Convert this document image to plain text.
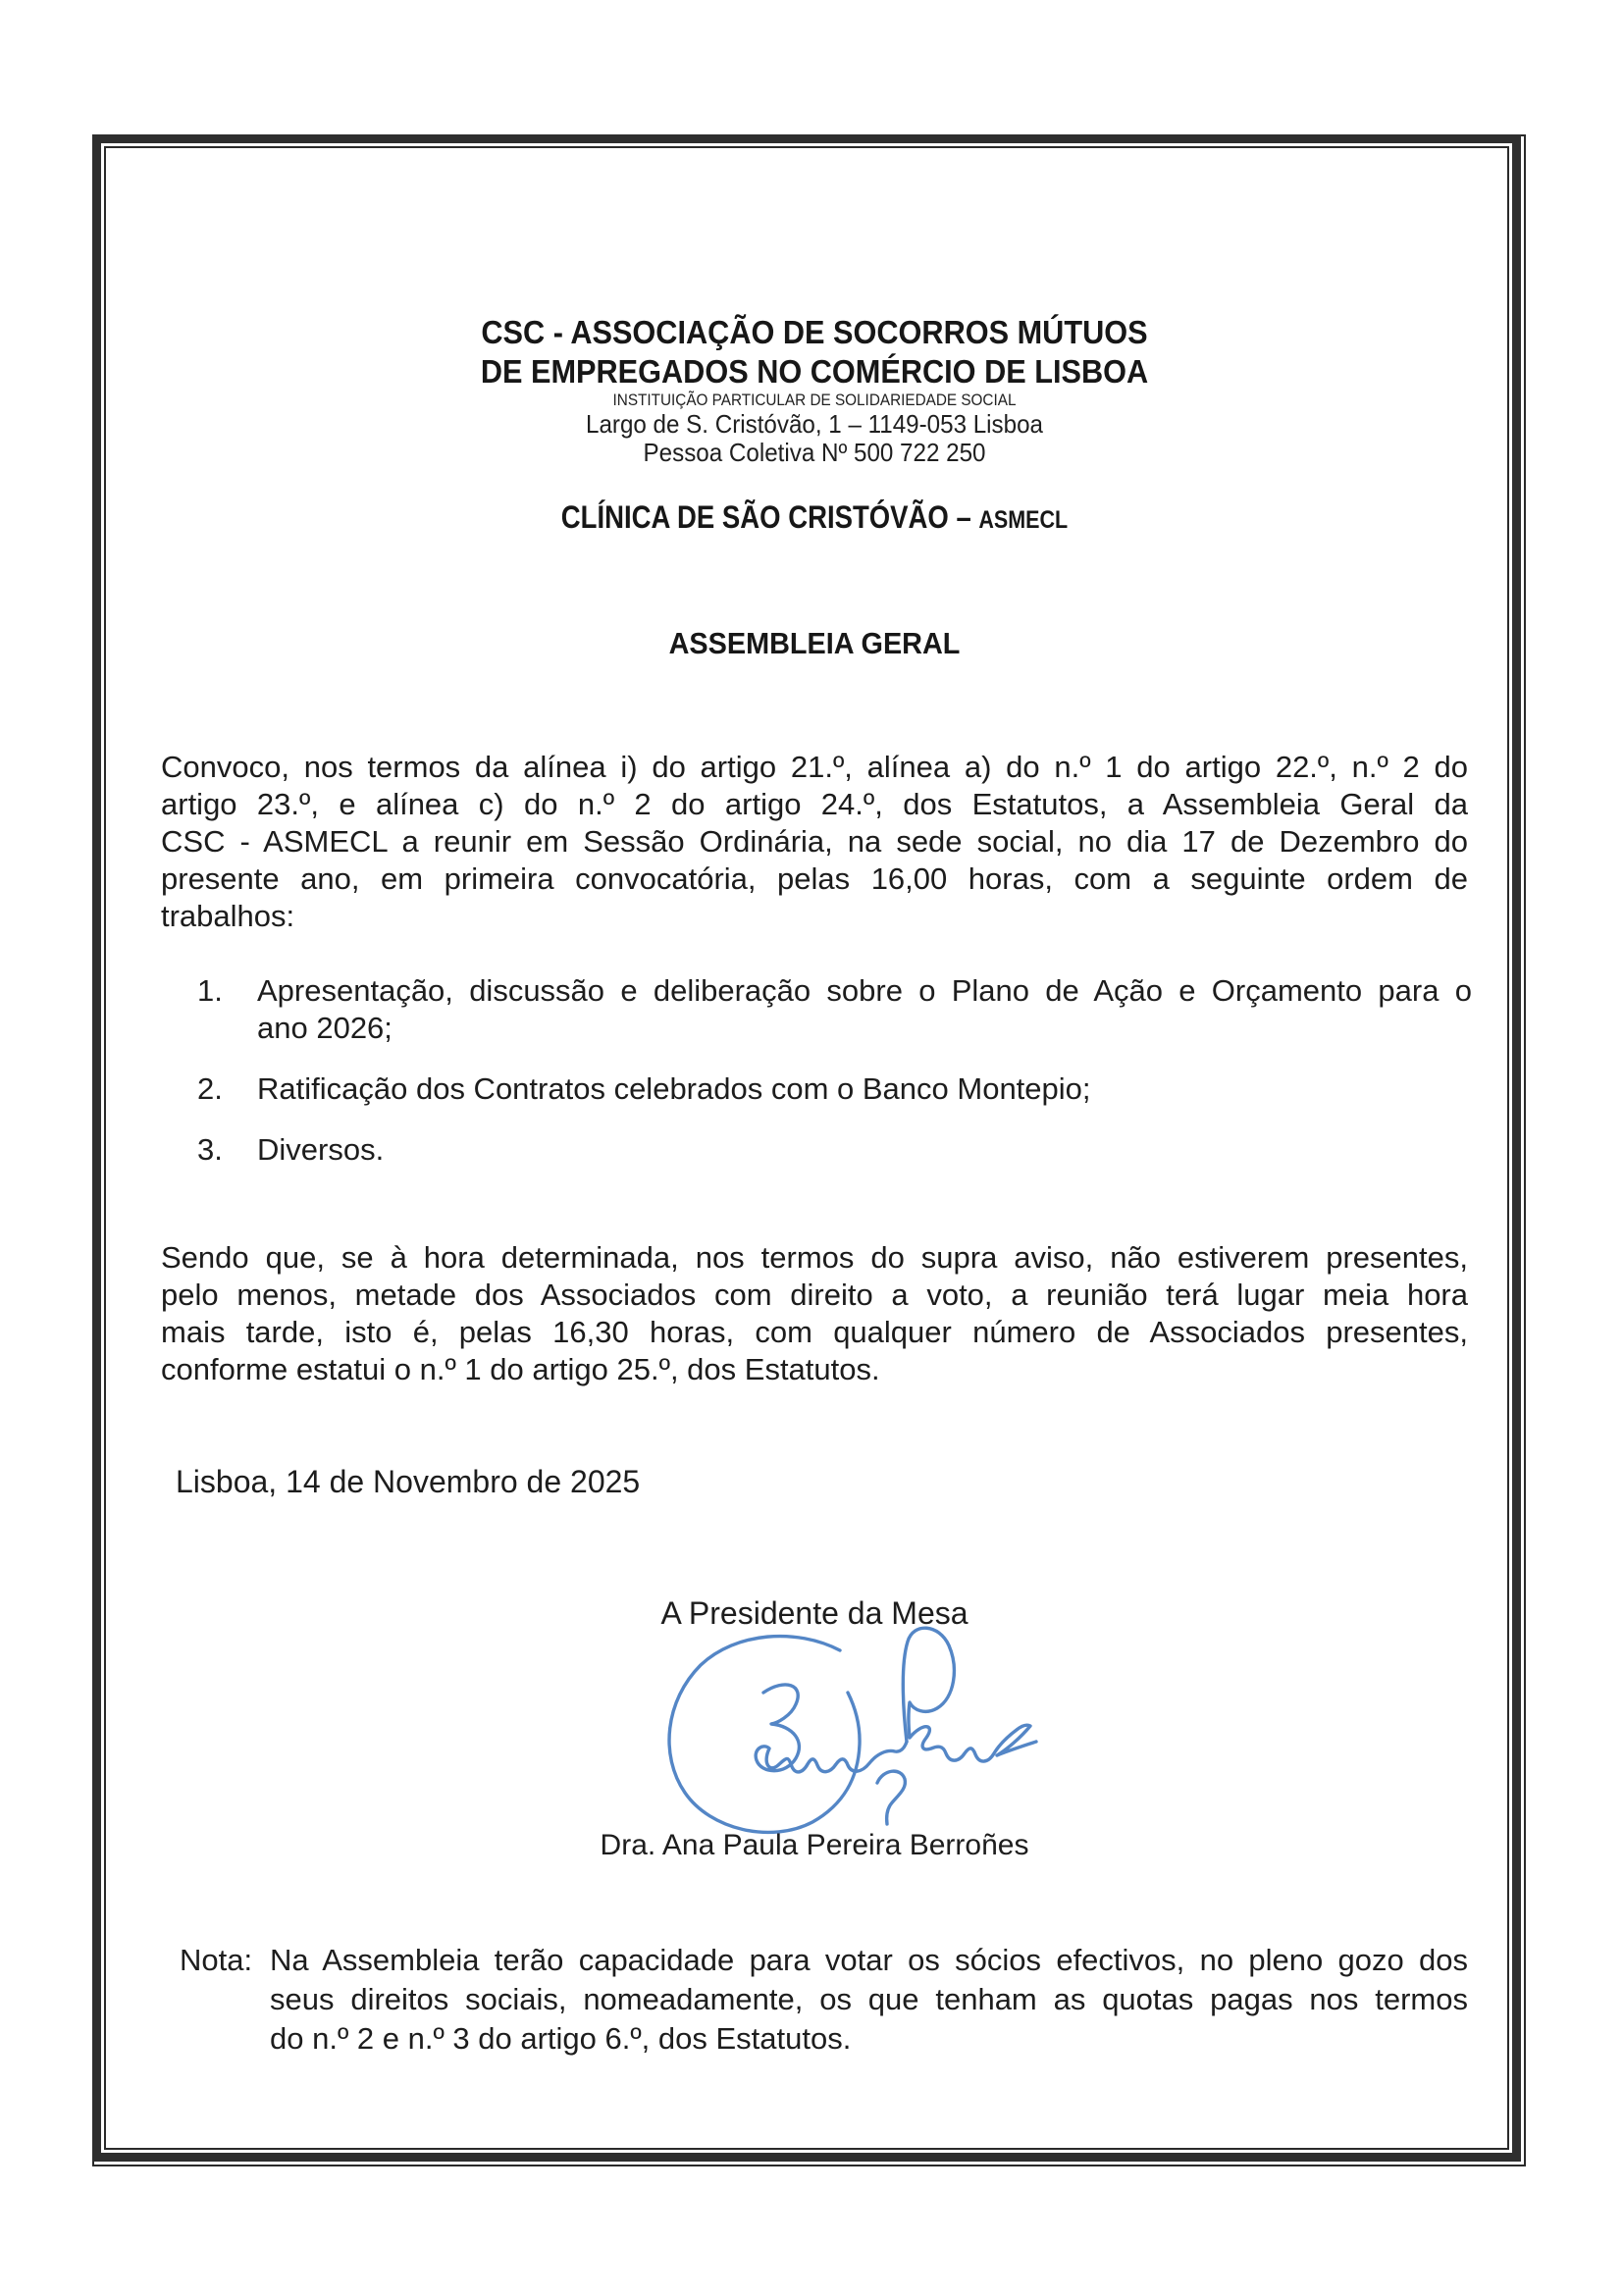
CSC - ASSOCIAÇÃO DE SOCORROS MÚTUOS
DE EMPREGADOS NO COMÉRCIO DE LISBOA
INSTITUIÇÃO PARTICULAR DE SOLIDARIEDADE SOCIAL
Largo de S. Cristóvão, 1 – 1149-053 Lisboa
Pessoa Coletiva Nº 500 722 250
CLÍNICA DE SÃO CRISTÓVÃO – ASMECL
ASSEMBLEIA GERAL
Convoco, nos termos da alínea i) do artigo 21.º, alínea a) do n.º 1 do artigo 22.º, n.º 2 do
artigo 23.º, e alínea c) do n.º 2 do artigo 24.º, dos Estatutos, a Assembleia Geral da
CSC - ASMECL a reunir em Sessão Ordinária, na sede social, no dia 17 de Dezembro do
presente ano, em primeira convocatória, pelas 16,00 horas, com a seguinte ordem de
trabalhos:
1. Apresentação, discussão e deliberação sobre o Plano de Ação e Orçamento para o
ano 2026;
2. Ratificação dos Contratos celebrados com o Banco Montepio;
3. Diversos.
Sendo que, se à hora determinada, nos termos do supra aviso, não estiverem presentes,
pelo menos, metade dos Associados com direito a voto, a reunião terá lugar meia hora
mais tarde, isto é, pelas 16,30 horas, com qualquer número de Associados presentes,
conforme estatui o n.º 1 do artigo 25.º, dos Estatutos.
Lisboa, 14 de Novembro de 2025
A Presidente da Mesa
Dra. Ana Paula Pereira Berroñes
Nota: Na Assembleia terão capacidade para votar os sócios efectivos, no pleno gozo dos
seus direitos sociais, nomeadamente, os que tenham as quotas pagas nos termos
do n.º 2 e n.º 3 do artigo 6.º, dos Estatutos.
